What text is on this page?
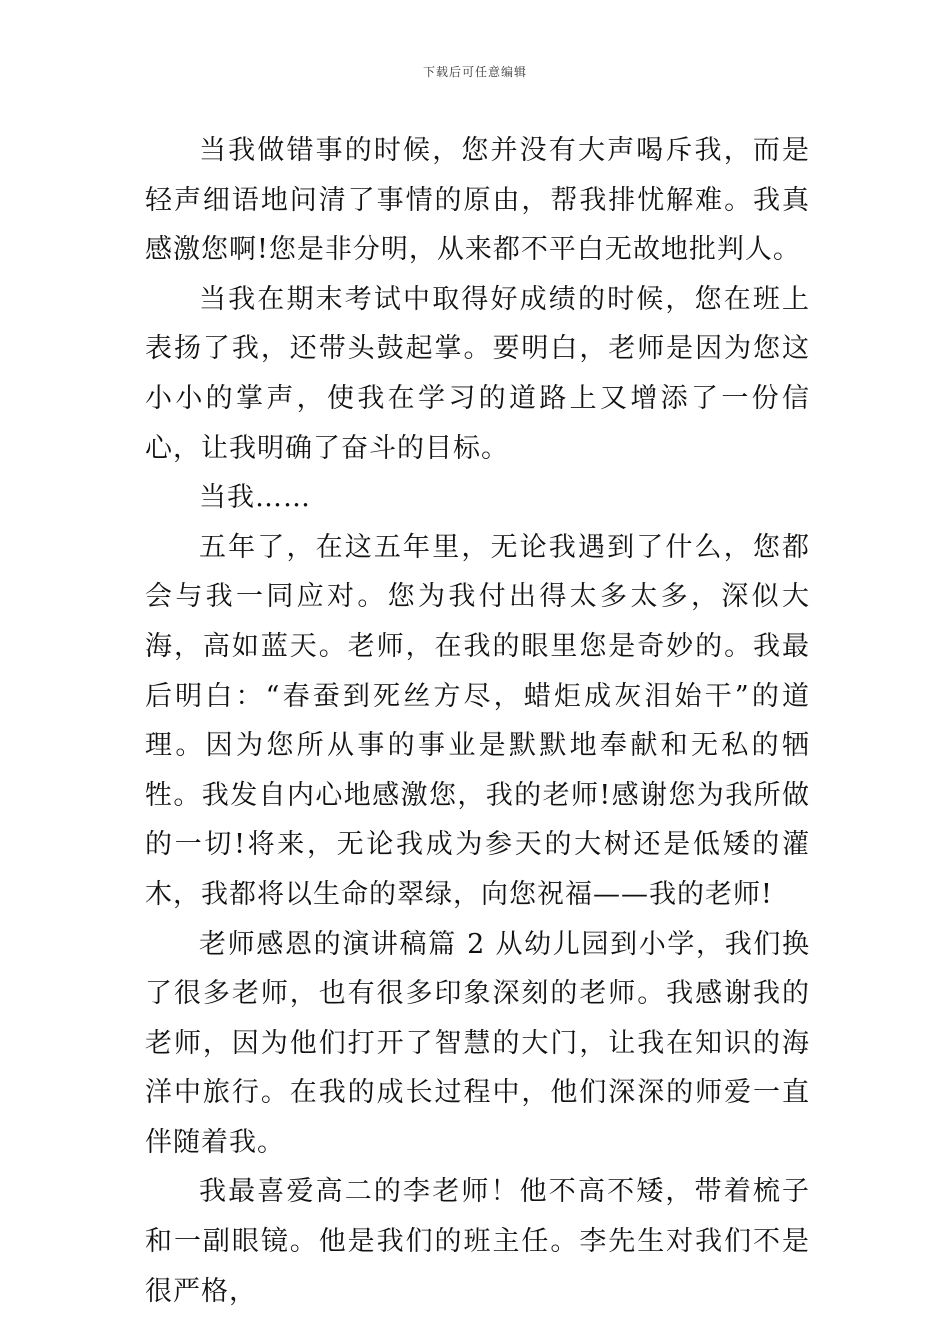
下载后可任意编辑

当我做错事的时候，您并没有大声喝斥我，而是轻声细语地问清了事情的原由，帮我排忧解难。我真感激您啊!您是非分明，从来都不平白无故地批判人。

当我在期末考试中取得好成绩的时候，您在班上表扬了我，还带头鼓起掌。要明白，老师是因为您这小小的掌声，使我在学习的道路上又增添了一份信心，让我明确了奋斗的目标。

当我……

五年了，在这五年里，无论我遇到了什么，您都会与我一同应对。您为我付出得太多太多，深似大海，高如蓝天。老师，在我的眼里您是奇妙的。我最后明白：“春蚕到死丝方尽，蜡炬成灰泪始干”的道理。因为您所从事的事业是默默地奉献和无私的牺牲。我发自内心地感激您，我的老师!感谢您为我所做的一切!将来，无论我成为参天的大树还是低矮的灌木，我都将以生命的翠绿，向您祝福——我的老师!

老师感恩的演讲稿篇 2 从幼儿园到小学，我们换了很多老师，也有很多印象深刻的老师。我感谢我的老师，因为他们打开了智慧的大门，让我在知识的海洋中旅行。在我的成长过程中，他们深深的师爱一直伴随着我。

我最喜爱高二的李老师！他不高不矮，带着梳子和一副眼镜。他是我们的班主任。李先生对我们不是很严格，
